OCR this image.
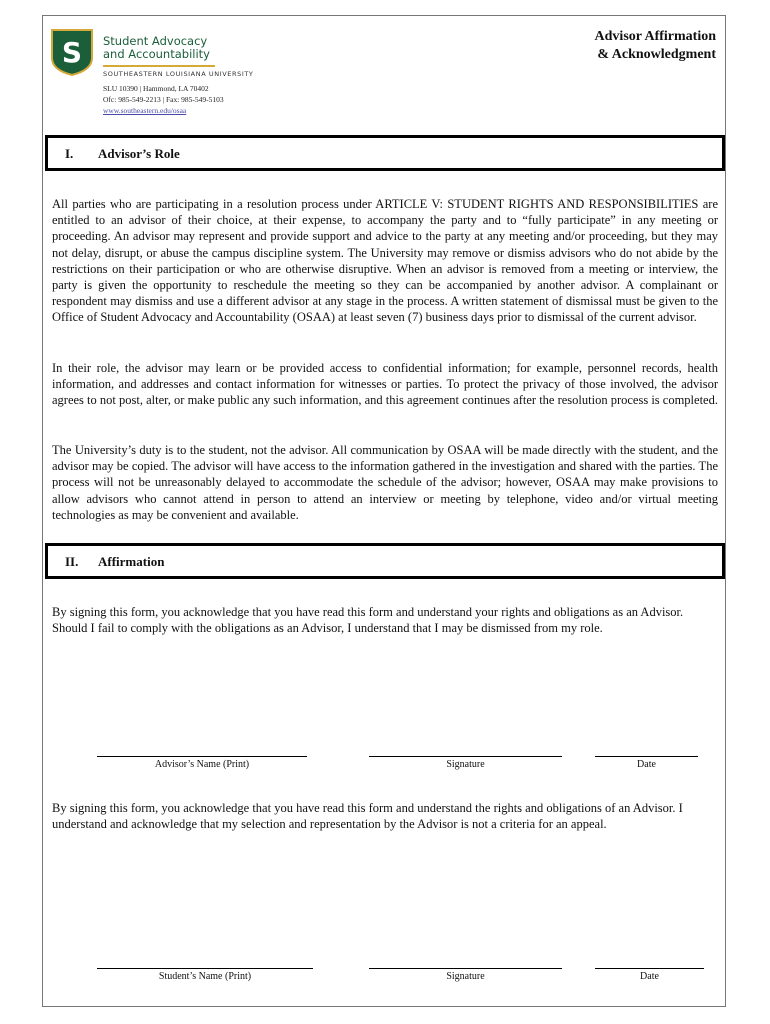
S Student Advocacy
and Accountability
SOUTHEASTERN LOUISIANA UNIVERSITY
SLU 10390 | Hammond, LA 70402
Ofc: 985-549-2213 | Fax: 985-549-5103
www.southeastern.edu/osaa
Advisor Affirmation
& Acknowledgment
I. Advisor’s Role

All parties who are participating in a resolution process under ARTICLE V: STUDENT RIGHTS AND RESPONSIBILITIES are entitled to an advisor of their choice, at their expense, to accompany the party and to “fully participate” in any meeting or proceeding. An advisor may represent and provide support and advice to the party at any meeting and/or proceeding, but they may not delay, disrupt, or abuse the campus discipline system. The University may remove or dismiss advisors who do not abide by the restrictions on their participation or who are otherwise disruptive. When an advisor is removed from a meeting or interview, the party is given the opportunity to reschedule the meeting so they can be accompanied by another advisor. A complainant or respondent may dismiss and use a different advisor at any stage in the process. A written statement of dismissal must be given to the Office of Student Advocacy and Accountability (OSAA) at least seven (7) business days prior to dismissal of the current advisor.

In their role, the advisor may learn or be provided access to confidential information; for example, personnel records, health information, and addresses and contact information for witnesses or parties. To protect the privacy of those involved, the advisor agrees to not post, alter, or make public any such information, and this agreement continues after the resolution process is completed.

The University’s duty is to the student, not the advisor. All communication by OSAA will be made directly with the student, and the advisor may be copied. The advisor will have access to the information gathered in the investigation and shared with the parties. The process will not be unreasonably delayed to accommodate the schedule of the advisor; however, OSAA may make provisions to allow advisors who cannot attend in person to attend an interview or meeting by telephone, video and/or virtual meeting technologies as may be convenient and available.

II. Affirmation

By signing this form, you acknowledge that you have read this form and understand your rights and obligations as an Advisor. Should I fail to comply with the obligations as an Advisor, I understand that I may be dismissed from my role.

Advisor’s Name (Print)	Signature	Date

By signing this form, you acknowledge that you have read this form and understand the rights and obligations of an Advisor. I understand and acknowledge that my selection and representation by the Advisor is not a criteria for an appeal.

Student’s Name (Print)	Signature	Date
